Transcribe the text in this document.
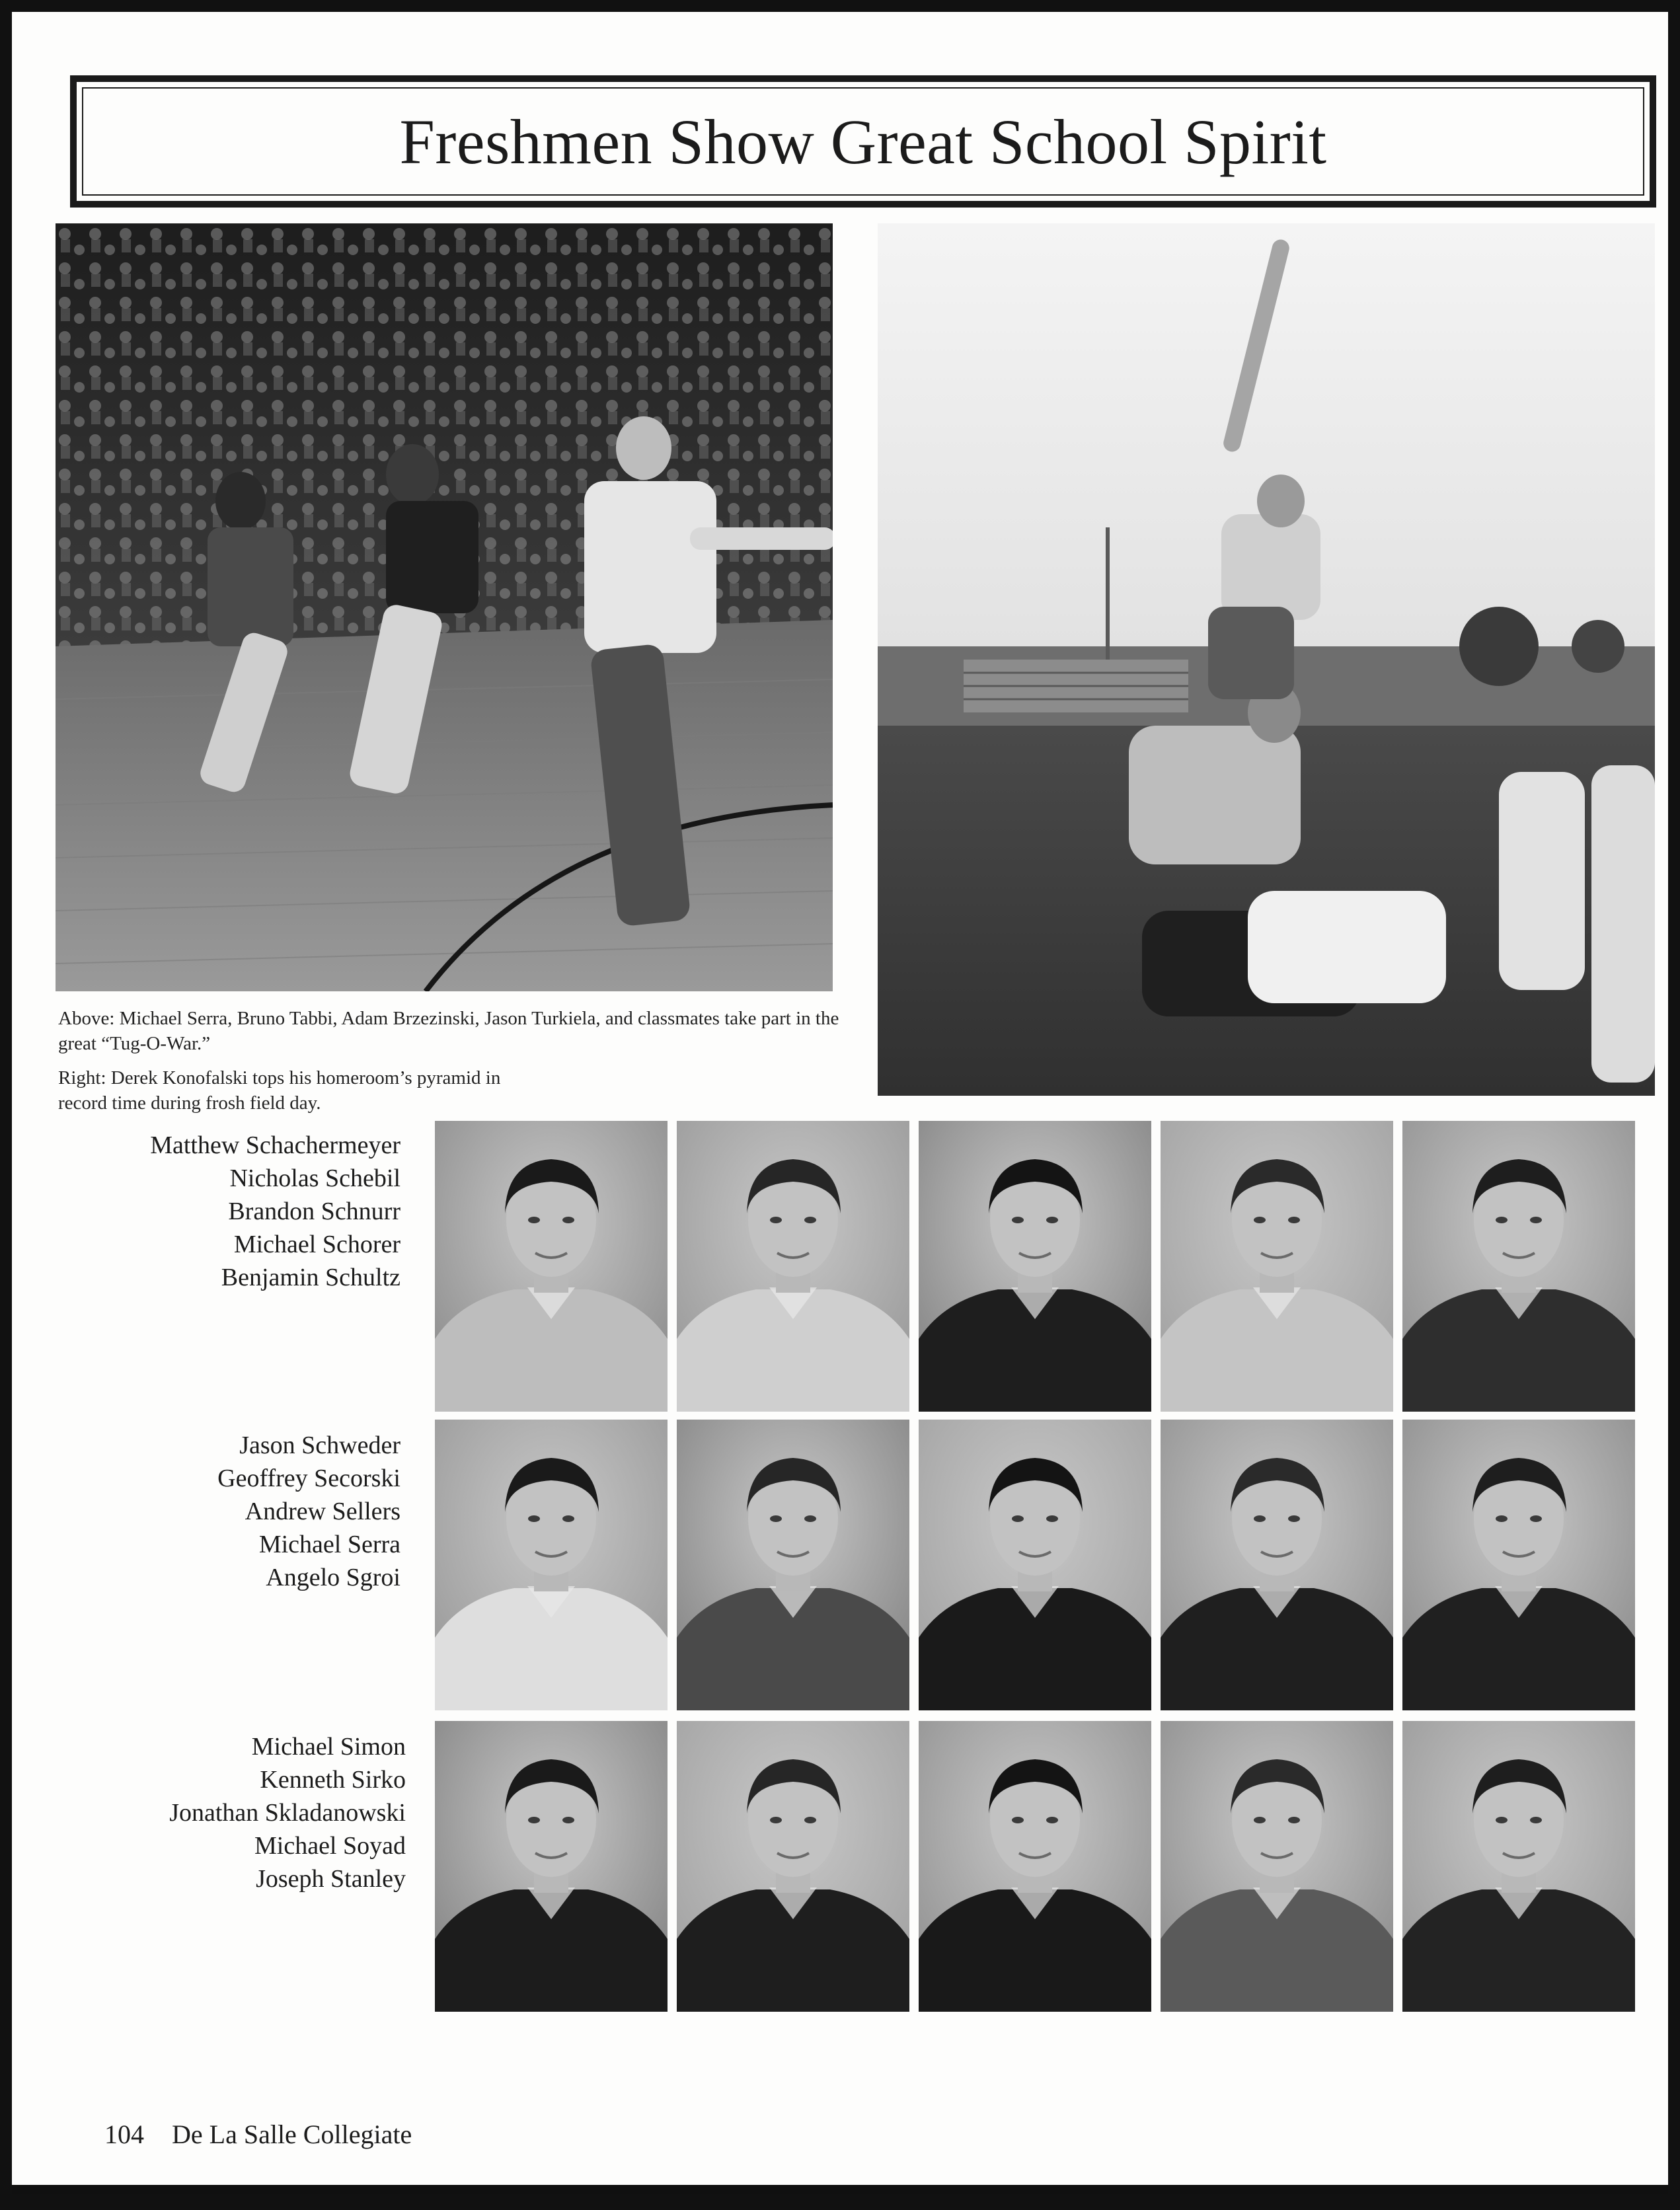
Freshmen Show Great School Spirit
Above: Michael Serra, Bruno Tabbi, Adam Brzezinski, Jason Turkiela, and classmates take part in the great “Tug-O-War.”
Right: Derek Konofalski tops his homeroom’s pyramid in
record time during frosh field day.
Matthew Schachermeyer
Nicholas Schebil
Brandon Schnurr
Michael Schorer
Benjamin Schultz
Jason Schweder
Geoffrey Secorski
Andrew Sellers
Michael Serra
Angelo Sgroi
Michael Simon
Kenneth Sirko
Jonathan Skladanowski
Michael Soyad
Joseph Stanley
104 De La Salle Collegiate
